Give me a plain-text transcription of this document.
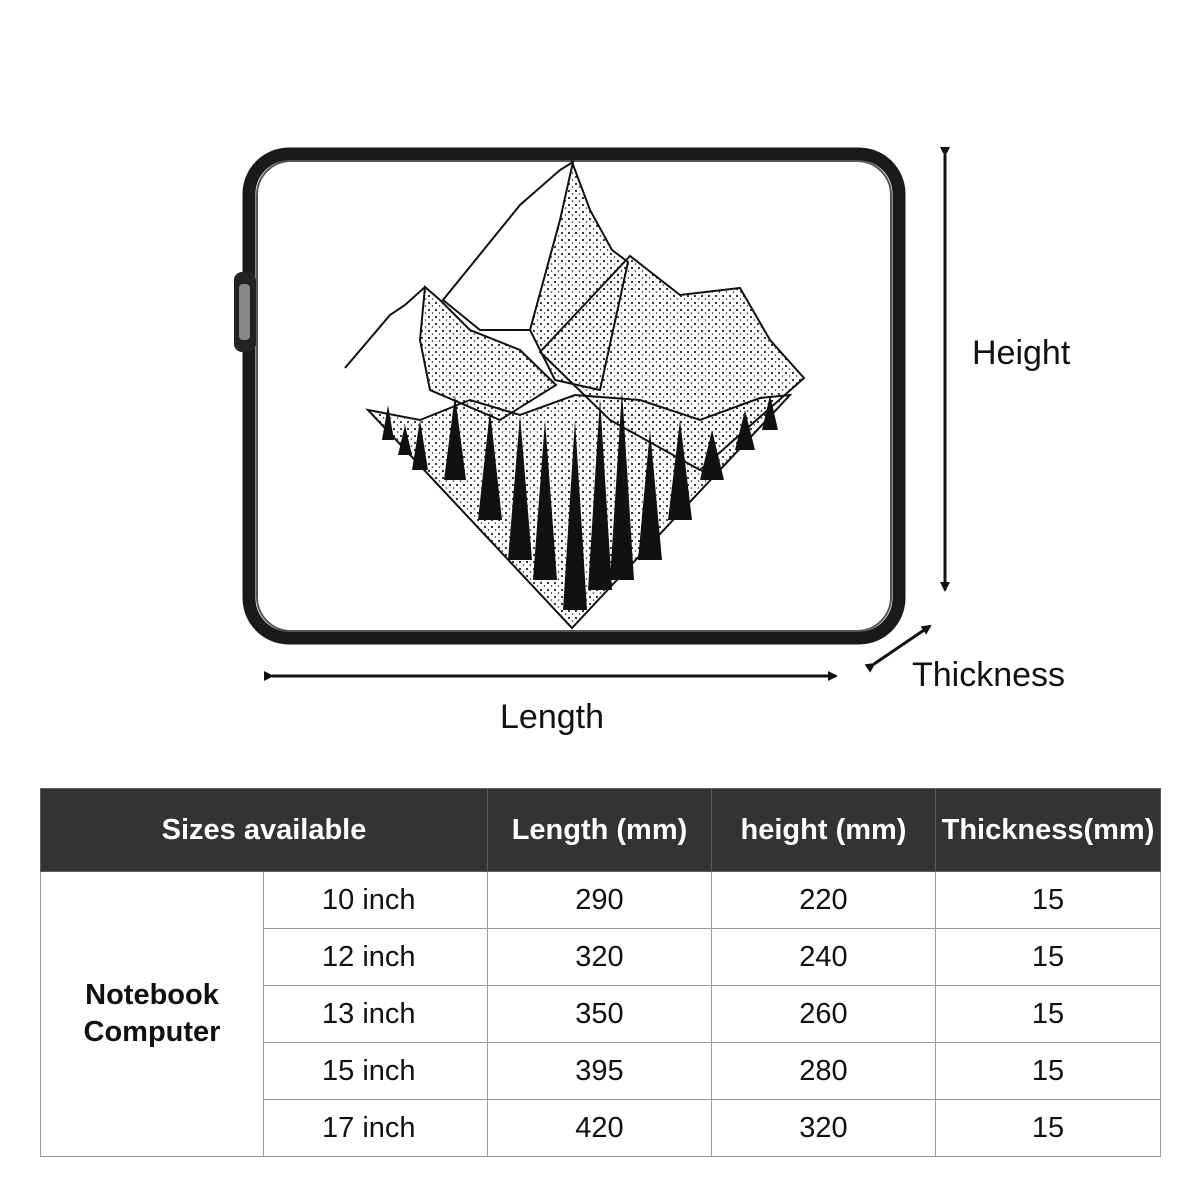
Height
Thickness
Length
Sizes available		Length (mm)	height (mm)	Thickness(mm)
Notebook
Computer	10 inch	290	220	15
	12 inch	320	240	15
	13 inch	350	260	15
	15 inch	395	280	15
	17 inch	420	320	15
